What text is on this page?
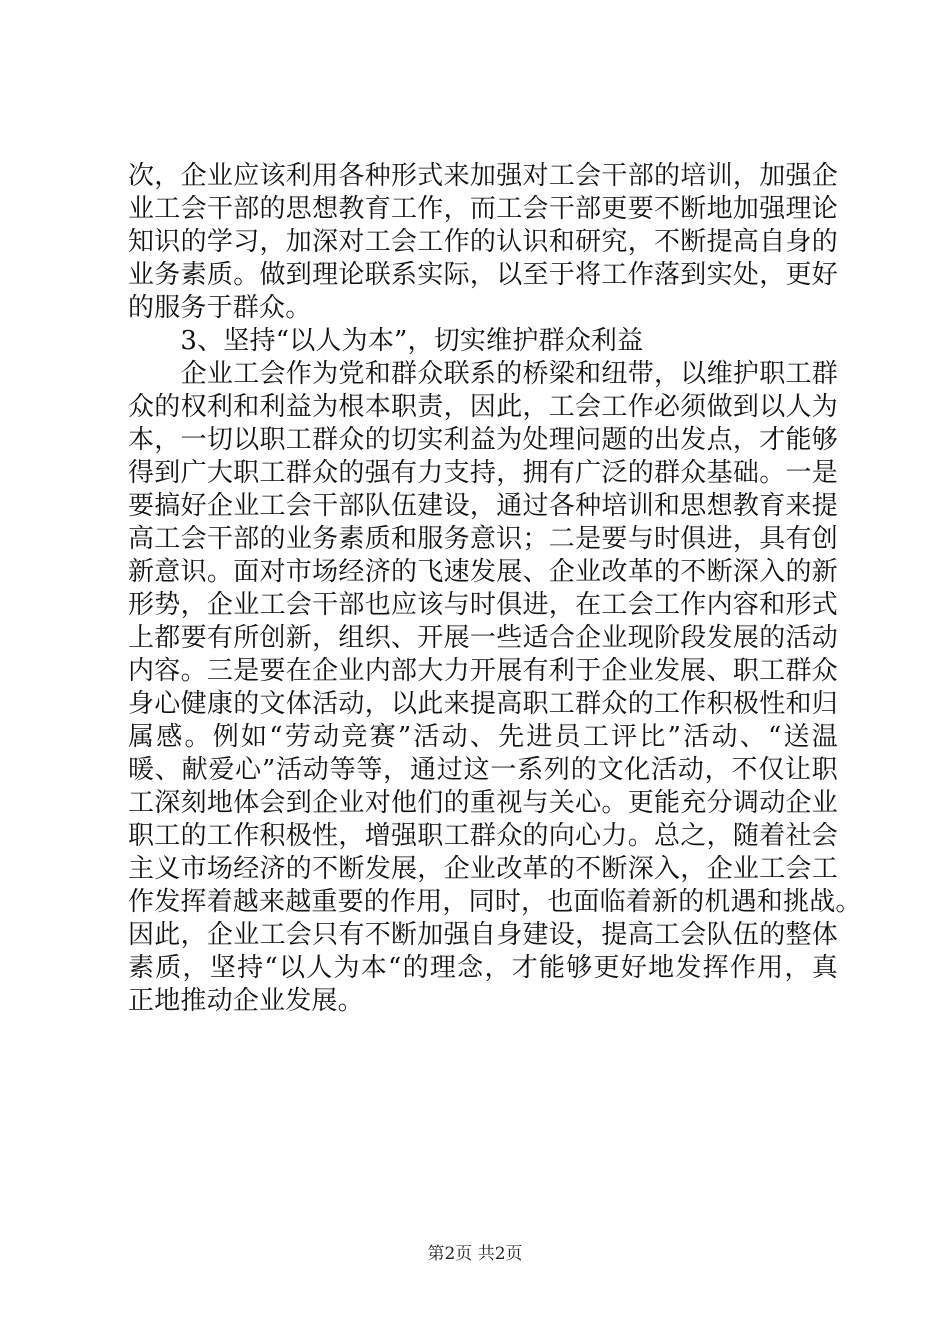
次，企业应该利用各种形式来加强对工会干部的培训，加强企
业工会干部的思想教育工作，而工会干部更要不断地加强理论
知识的学习，加深对工会工作的认识和研究，不断提高自身的
业务素质。做到理论联系实际，以至于将工作落到实处，更好
的服务于群众。
　　3、坚持“以人为本”，切实维护群众利益
　　企业工会作为党和群众联系的桥梁和纽带，以维护职工群
众的权利和利益为根本职责，因此，工会工作必须做到以人为
本，一切以职工群众的切实利益为处理问题的出发点，才能够
得到广大职工群众的强有力支持，拥有广泛的群众基础。一是
要搞好企业工会干部队伍建设，通过各种培训和思想教育来提
高工会干部的业务素质和服务意识；二是要与时俱进，具有创
新意识。面对市场经济的飞速发展、企业改革的不断深入的新
形势，企业工会干部也应该与时俱进，在工会工作内容和形式
上都要有所创新，组织、开展一些适合企业现阶段发展的活动
内容。三是要在企业内部大力开展有利于企业发展、职工群众
身心健康的文体活动，以此来提高职工群众的工作积极性和归
属感。例如“劳动竞赛”活动、先进员工评比”活动、“送温
暖、献爱心”活动等等，通过这一系列的文化活动，不仅让职
工深刻地体会到企业对他们的重视与关心。更能充分调动企业
职工的工作积极性，增强职工群众的向心力。总之，随着社会
主义市场经济的不断发展，企业改革的不断深入，企业工会工
作发挥着越来越重要的作用，同时，也面临着新的机遇和挑战。
因此，企业工会只有不断加强自身建设，提高工会队伍的整体
素质，坚持“以人为本“的理念，才能够更好地发挥作用，真
正地推动企业发展。
第2页 共2页
